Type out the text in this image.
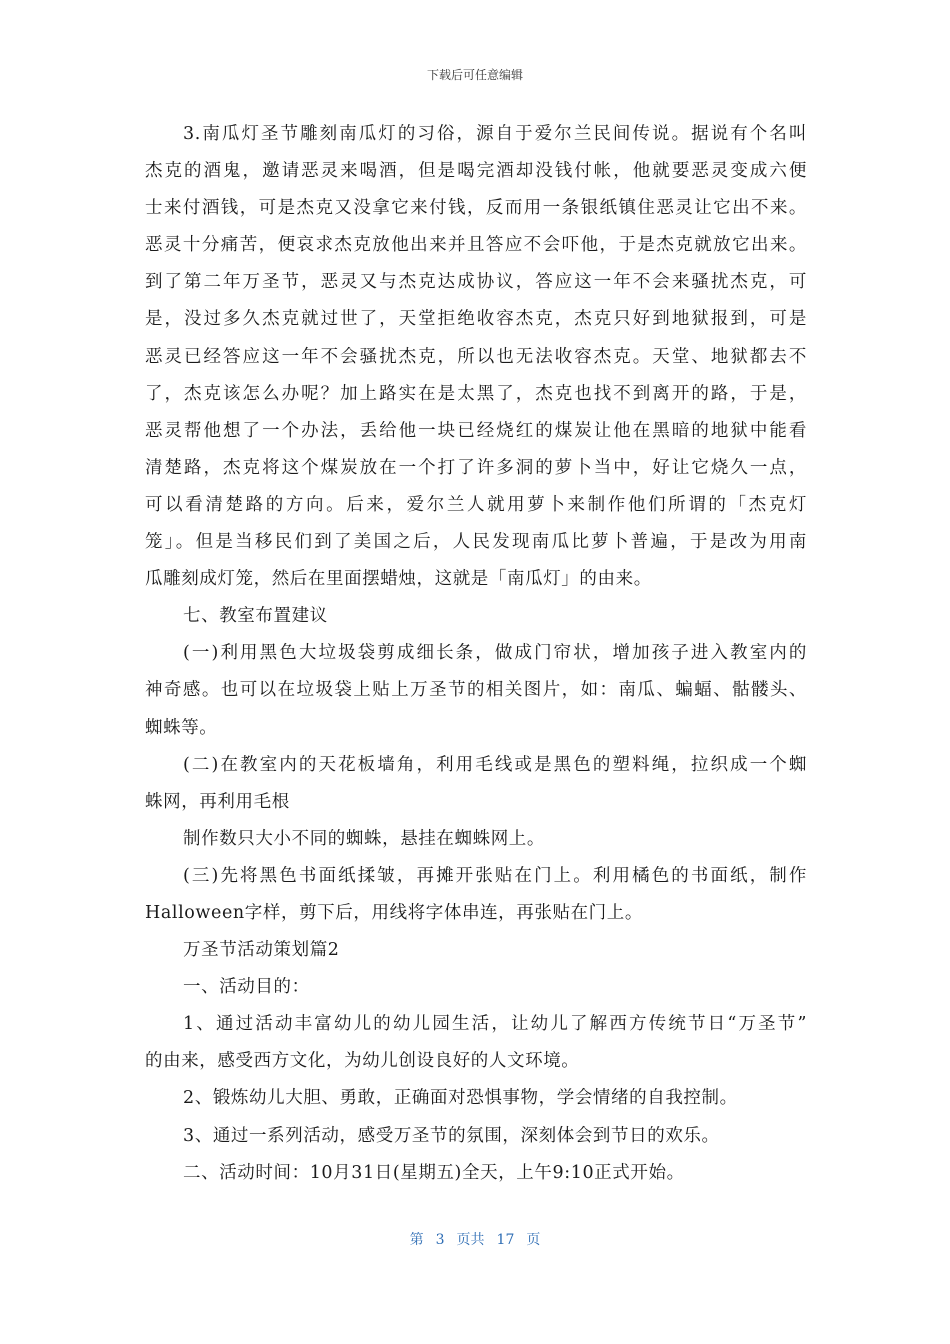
下载后可任意编辑
3.南瓜灯圣节雕刻南瓜灯的习俗，源自于爱尔兰民间传说。据说有个名叫
杰克的酒鬼，邀请恶灵来喝酒，但是喝完酒却没钱付帐，他就要恶灵变成六便
士来付酒钱，可是杰克又没拿它来付钱，反而用一条银纸镇住恶灵让它出不来。
恶灵十分痛苦，便哀求杰克放他出来并且答应不会吓他，于是杰克就放它出来。
到了第二年万圣节，恶灵又与杰克达成协议，答应这一年不会来骚扰杰克，可
是，没过多久杰克就过世了，天堂拒绝收容杰克，杰克只好到地狱报到，可是
恶灵已经答应这一年不会骚扰杰克，所以也无法收容杰克。天堂、地狱都去不
了，杰克该怎么办呢？加上路实在是太黑了，杰克也找不到离开的路，于是，
恶灵帮他想了一个办法，丢给他一块已经烧红的煤炭让他在黑暗的地狱中能看
清楚路，杰克将这个煤炭放在一个打了许多洞的萝卜当中，好让它烧久一点，
可以看清楚路的方向。后来，爱尔兰人就用萝卜来制作他们所谓的「杰克灯
笼」。但是当移民们到了美国之后，人民发现南瓜比萝卜普遍，于是改为用南
瓜雕刻成灯笼，然后在里面摆蜡烛，这就是「南瓜灯」的由来。
七、教室布置建议
(一)利用黑色大垃圾袋剪成细长条，做成门帘状，增加孩子进入教室内的
神奇感。也可以在垃圾袋上贴上万圣节的相关图片，如：南瓜、蝙蝠、骷髅头、
蜘蛛等。
(二)在教室内的天花板墙角，利用毛线或是黑色的塑料绳，拉织成一个蜘
蛛网，再利用毛根
制作数只大小不同的蜘蛛，悬挂在蜘蛛网上。
(三)先将黑色书面纸揉皱，再摊开张贴在门上。利用橘色的书面纸，制作
Halloween字样，剪下后，用线将字体串连，再张贴在门上。
万圣节活动策划篇2
一、活动目的：
1、通过活动丰富幼儿的幼儿园生活，让幼儿了解西方传统节日“万圣节”
的由来，感受西方文化，为幼儿创设良好的人文环境。
2、锻炼幼儿大胆、勇敢，正确面对恐惧事物，学会情绪的自我控制。
3、通过一系列活动，感受万圣节的氛围，深刻体会到节日的欢乐。
二、活动时间：10月31日(星期五)全天，上午9:10正式开始。
第 3 页共 17 页
